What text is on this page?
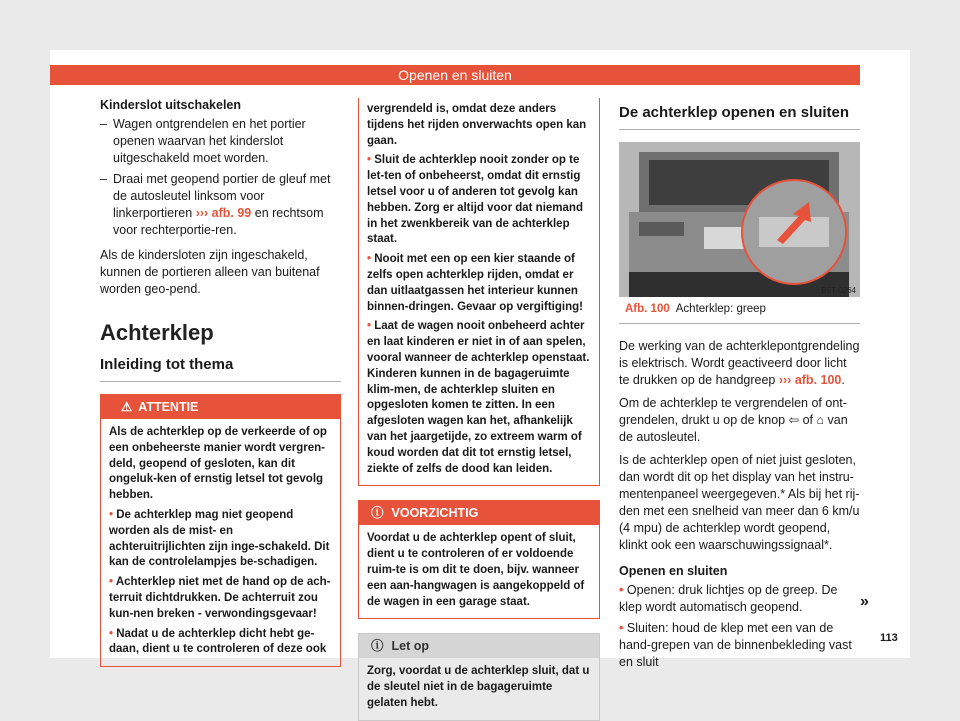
Openen en sluiten

Kinderslot uitschakelen

– Wagen ontgrendelen en het portier openen waarvan het kinderslot uitgeschakeld moet worden.
– Draai met geopend portier de gleuf met de autosleutel linksom voor linkerportieren ››› afb. 99 en rechtsom voor rechterportie-ren.

Als de kindersloten zijn ingeschakeld, kunnen de portieren alleen van buitenaf worden geo-pend.

Achterklep
Inleiding tot thema
⚠ ATTENTIE

Als de achterklep op de verkeerde of op een onbeheerste manier wordt vergren-deld, geopend of gesloten, kan dit ongeluk-ken of ernstig letsel tot gevolg hebben.

• De achterklep mag niet geopend worden als de mist- en achteruitrijlichten zijn inge-schakeld. Dit kan de controlelampjes be-schadigen.

• Achterklep niet met de hand op de ach-terruit dichtdrukken. De achterruit zou kun-nen breken - verwondingsgevaar!

• Nadat u de achterklep dicht hebt ge-daan, dient u te controleren of deze ook

vergrendeld is, omdat deze anders tijdens het rijden onverwachts open kan gaan.

• Sluit de achterklep nooit zonder op te let-ten of onbeheerst, omdat dit ernstig letsel voor u of anderen tot gevolg kan hebben. Zorg er altijd voor dat niemand in het zwenkbereik van de achterklep staat.

• Nooit met een op een kier staande of zelfs open achterklep rijden, omdat er dan uitlaatgassen het interieur kunnen binnen-dringen. Gevaar op vergiftiging!

• Laat de wagen nooit onbeheerd achter en laat kinderen er niet in of aan spelen, vooral wanneer de achterklep openstaat. Kinderen kunnen in de bagageruimte klim-men, de achterklep sluiten en opgesloten komen te zitten. In een afgesloten wagen kan het, afhankelijk van het jaargetijde, zo extreem warm of koud worden dat dit tot ernstig letsel, ziekte of zelfs de dood kan leiden.

ⓘ VOORZICHTIG

Voordat u de achterklep opent of sluit, dient u te controleren of er voldoende ruim-te is om dit te doen, bijv. wanneer een aan-hangwagen is aangekoppeld of de wagen in een garage staat.

ⓘ Let op

Zorg, voordat u de achterklep sluit, dat u de sleutel niet in de bagageruimte gelaten hebt.

De achterklep openen en sluiten
B5T-0264
Afb. 100 Achterklep: greep

De werking van de achterklepontgrendeling is elektrisch. Wordt geactiveerd door licht te drukken op de handgreep ››› afb. 100.

Om de achterklep te vergrendelen of ont-grendelen, drukt u op de knop ⇦ of ⌂ van de autosleutel.

Is de achterklep open of niet juist gesloten, dan wordt dit op het display van het instru-mentenpaneel weergegeven.* Als bij het rij-den met een snelheid van meer dan 6 km/u (4 mpu) de achterklep wordt geopend, klinkt ook een waarschuwingssignaal*.

Openen en sluiten

• Openen: druk lichtjes op de greep. De klep wordt automatisch geopend.

• Sluiten: houd de klep met een van de hand-grepen van de binnenbekleding vast en sluit

»
113
